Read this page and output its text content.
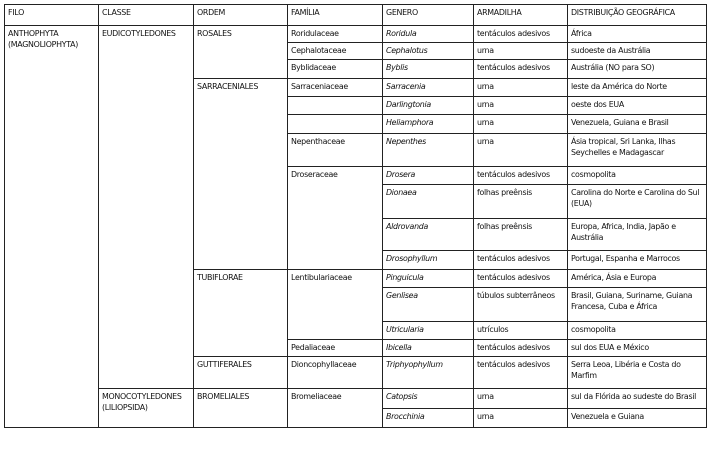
FILO	CLASSE	ORDEM	FAMÍLIA	GENERO	ARMADILHA	DISTRIBUIÇÃO GEOGRÁFICA
ANTHOPHYTA (MAGNOLIOPHYTA)	EUDICOTYLEDONES	ROSALES	Roridulaceae	Roridula	tentáculos adesivos	África
			Cephalotaceae	Cephalotus	urna	sudoeste da Austrália
			Byblidaceae	Byblis	tentáculos adesivos	Austrália (NO para SO)
		SARRACENIALES	Sarraceniaceae	Sarracenia	urna	leste da América do Norte
				Darlingtonia	urna	oeste dos EUA
				Heliamphora	urna	Venezuela, Guiana e Brasil
			Nepenthaceae	Nepenthes	urna	Ásia tropical, Sri Lanka, Ilhas Seychelles e Madagascar
			Droseraceae	Drosera	tentáculos adesivos	cosmopolita
				Dionaea	folhas preênsis	Carolina do Norte e Carolina do Sul (EUA)
				Aldrovanda	folhas preênsis	Europa, Africa, India, Japão e Austrália
				Drosophyllum	tentáculos adesivos	Portugal, Espanha e Marrocos
		TUBIFLORAE	Lentibulariaceae	Pinguicula	tentáculos adesivos	América, Ásia e Europa
				Genlisea	túbulos subterrâneos	Brasil, Guiana, Suriname, Guiana Francesa, Cuba e África
				Utricularia	utrículos	cosmopolita
			Pedaliaceae	Ibicella	tentáculos adesivos	sul dos EUA e México
		GUTTIFERALES	Dioncophyllaceae	Triphyophyllum	tentáculos adesivos	Serra Leoa, Libéria e Costa do Marfim
	MONOCOTYLEDONES (LILIOPSIDA)	BROMELIALES	Bromeliaceae	Catopsis	urna	sul da Flórida ao sudeste do Brasil
				Brocchinia	urna	Venezuela e Guiana
